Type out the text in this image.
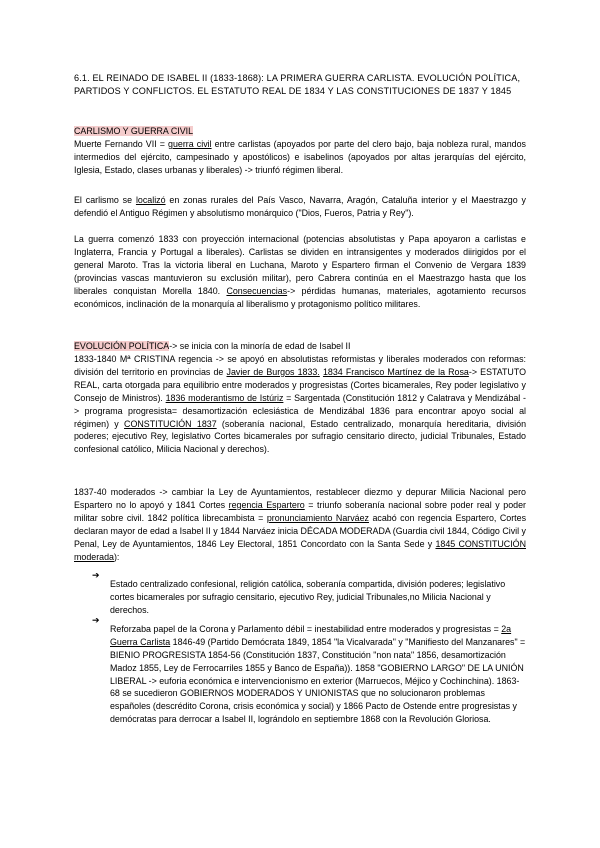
6.1. EL REINADO DE ISABEL II (1833-1868): LA PRIMERA GUERRA CARLISTA. EVOLUCIÓN POLÍTICA, PARTIDOS Y CONFLICTOS. EL ESTATUTO REAL DE 1834 Y LAS CONSTITUCIONES DE 1837 Y 1845

CARLISMO Y GUERRA CIVIL

Muerte Fernando VII = guerra civil entre carlistas (apoyados por parte del clero bajo, baja nobleza rural, mandos intermedios del ejército, campesinado y apostólicos) e isabelinos (apoyados por altas jerarquías del ejército, Iglesia, Estado, clases urbanas y liberales) -> triunfó régimen liberal.

El carlismo se localizó en zonas rurales del País Vasco, Navarra, Aragón, Cataluña interior y el Maestrazgo y defendió el Antiguo Régimen y absolutismo monárquico ("Dios, Fueros, Patria y Rey").

La guerra comenzó 1833 con proyección internacional (potencias absolutistas y Papa apoyaron a carlistas e Inglaterra, Francia y Portugal a liberales). Carlistas se dividen en intransigentes y moderados diirigidos por el general Maroto. Tras la victoria liberal en Luchana, Maroto y Espartero firman el Convenio de Vergara 1839 (provincias vascas mantuvieron su exclusión militar), pero Cabrera continúa en el Maestrazgo hasta que los liberales conquistan Morella 1840. Consecuencias-> pérdidas humanas, materiales, agotamiento recursos económicos, inclinación de la monarquía al liberalismo y protagonismo político militares.

EVOLUCIÓN POLÍTICA-> se inicia con la minoría de edad de Isabel II

1833-1840 Mª CRISTINA regencia -> se apoyó en absolutistas reformistas y liberales moderados con reformas: división del territorio en provincias de Javier de Burgos 1833. 1834 Francisco Martínez de la Rosa-> ESTATUTO REAL, carta otorgada para equilibrio entre moderados y progresistas (Cortes bicamerales, Rey poder legislativo y Consejo de Ministros). 1836 moderantismo de Istúriz = Sargentada (Constitución 1812 y Calatrava y Mendizábal -> programa progresista= desamortización eclesiástica de Mendizábal 1836 para encontrar apoyo social al régimen) y CONSTITUCIÓN 1837 (soberanía nacional, Estado centralizado, monarquía hereditaria, división poderes; ejecutivo Rey, legislativo Cortes bicamerales por sufragio censitario directo, judicial Tribunales, Estado confesional católico, Milicia Nacional y derechos).

1837-40 moderados -> cambiar la Ley de Ayuntamientos, restablecer diezmo y depurar Milicia Nacional pero Espartero no lo apoyó y 1841 Cortes regencia Espartero = triunfo soberanía nacional sobre poder real y poder militar sobre civil. 1842 política librecambista = pronunciamiento Narváez acabó con regencia Espartero, Cortes declaran mayor de edad a Isabel II y 1844 Narváez inicia DÉCADA MODERADA (Guardia civil 1844, Código Civil y Penal, Ley de Ayuntamientos, 1846 Ley Electoral, 1851 Concordato con la Santa Sede y 1845 CONSTITUCIÓN moderada):

➔

Estado centralizado confesional, religión católica, soberanía compartida, división poderes; legislativo cortes bicamerales por sufragio censitario, ejecutivo Rey, judicial Tribunales,no Milicia Nacional y derechos.

➔

Reforzaba papel de la Corona y Parlamento débil = inestabilidad entre moderados y progresistas = 2a Guerra Carlista 1846-49 (Partido Demócrata 1849, 1854 "la Vicalvarada" y "Manifiesto del Manzanares" = BIENIO PROGRESISTA 1854-56 (Constitución 1837, Constitución "non nata" 1856, desamortización Madoz 1855, Ley de Ferrocarriles 1855 y Banco de España)). 1858 "GOBIERNO LARGO" DE LA UNIÓN LIBERAL -> euforia económica e intervencionismo en exterior (Marruecos, Méjico y Cochinchina). 1863-68 se sucedieron GOBIERNOS MODERADOS Y UNIONISTAS que no solucionaron problemas españoles (descrédito Corona, crisis económica y social) y 1866 Pacto de Ostende entre progresistas y demócratas para derrocar a Isabel II, lográndolo en septiembre 1868 con la Revolución Gloriosa.
